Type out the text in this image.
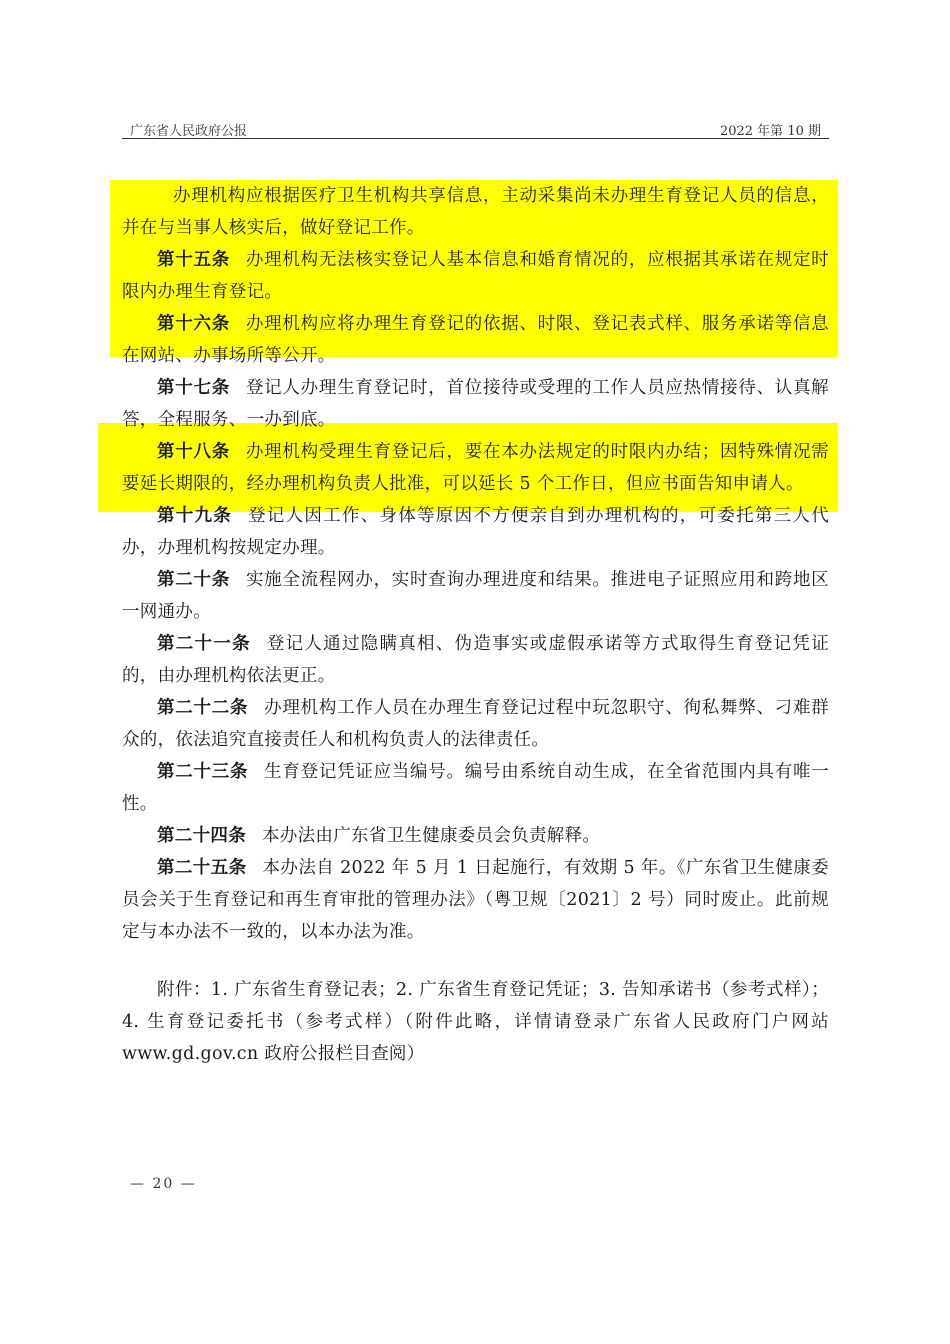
广东省人民政府公报	2022 年第 10 期

办理机构应根据医疗卫生机构共享信息，主动采集尚未办理生育登记人员的信息，并在与当事人核实后，做好登记工作。

第十五条 办理机构无法核实登记人基本信息和婚育情况的，应根据其承诺在规定时限内办理生育登记。

第十六条 办理机构应将办理生育登记的依据、时限、登记表式样、服务承诺等信息在网站、办事场所等公开。

第十七条 登记人办理生育登记时，首位接待或受理的工作人员应热情接待、认真解答，全程服务、一办到底。

第十八条 办理机构受理生育登记后，要在本办法规定的时限内办结；因特殊情况需要延长期限的，经办理机构负责人批准，可以延长 5 个工作日，但应书面告知申请人。

第十九条 登记人因工作、身体等原因不方便亲自到办理机构的，可委托第三人代办，办理机构按规定办理。

第二十条 实施全流程网办，实时查询办理进度和结果。推进电子证照应用和跨地区一网通办。

第二十一条 登记人通过隐瞒真相、伪造事实或虚假承诺等方式取得生育登记凭证的，由办理机构依法更正。

第二十二条 办理机构工作人员在办理生育登记过程中玩忽职守、徇私舞弊、刁难群众的，依法追究直接责任人和机构负责人的法律责任。

第二十三条 生育登记凭证应当编号。编号由系统自动生成，在全省范围内具有唯一性。

第二十四条 本办法由广东省卫生健康委员会负责解释。

第二十五条 本办法自 2022 年 5 月 1 日起施行，有效期 5 年。《广东省卫生健康委员会关于生育登记和再生育审批的管理办法》（粤卫规〔2021〕2 号）同时废止。此前规定与本办法不一致的，以本办法为准。

附件：1. 广东省生育登记表；2. 广东省生育登记凭证；3. 告知承诺书（参考式样）；4. 生育登记委托书（参考式样）（附件此略，详情请登录广东省人民政府门户网站 www.gd.gov.cn 政府公报栏目查阅）

— 20 —
